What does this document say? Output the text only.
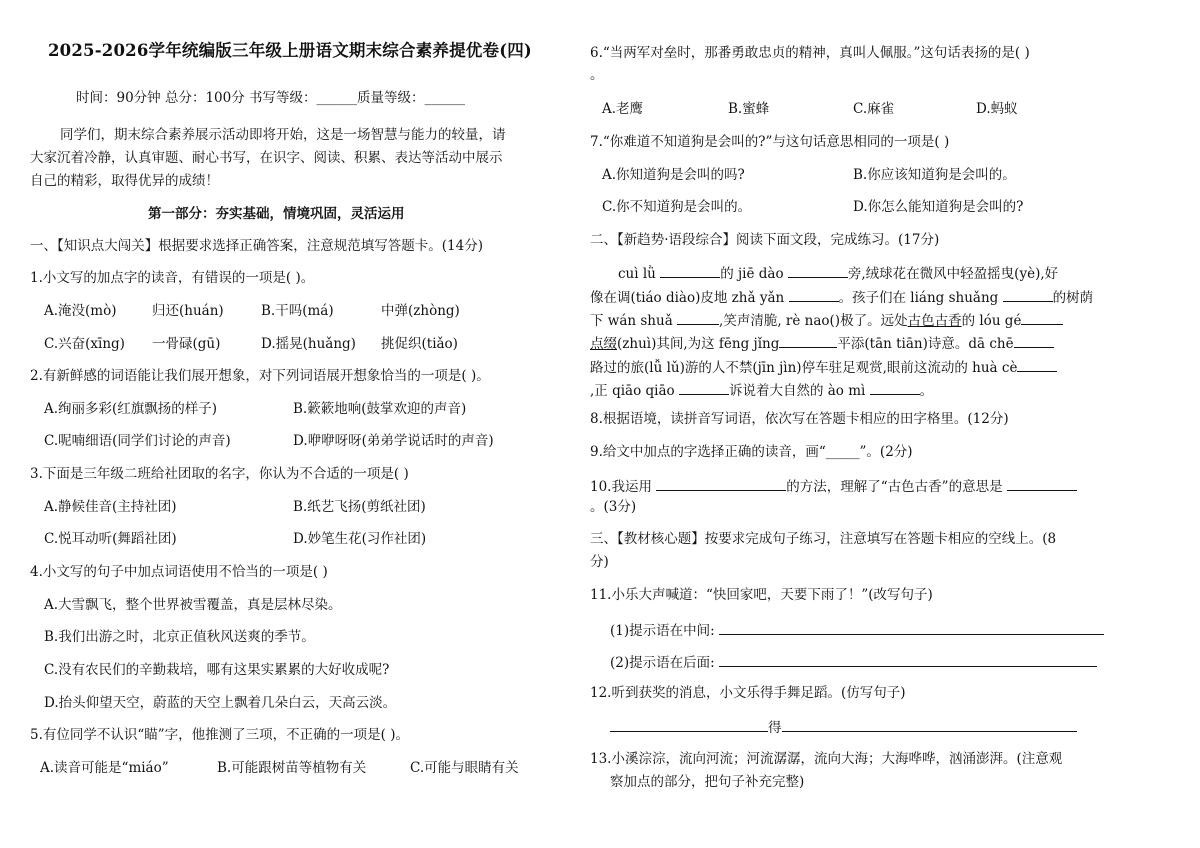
2025-2026学年统编版三年级上册语文期末综合素养提优卷(四)
时间：90分钟 总分：100分 书写等级：______质量等级：______
同学们，期末综合素养展示活动即将开始，这是一场智慧与能力的较量，请
大家沉着冷静，认真审题、耐心书写，在识字、阅读、积累、表达等活动中展示
自己的精彩，取得优异的成绩！
第一部分：夯实基础，情境巩固，灵活运用
一、【知识点大闯关】根据要求选择正确答案，注意规范填写答题卡。(14分)
1.小文写的加点字的读音，有错误的一项是( )。
A.淹没(mò)	归还(huán)	B.干吗(má)	中弹(zhòng)
C.兴奋(xīng) 一骨碌(gū)	D.摇晃(huǎng) 挑促织(tiǎo)
2.有新鲜感的词语能让我们展开想象，对下列词语展开想象恰当的一项是( )。
A.绚丽多彩(红旗飘扬的样子)	B.簌簌地响(鼓掌欢迎的声音)
C.呢喃细语(同学们讨论的声音)	D.咿咿呀呀(弟弟学说话时的声音)
3.下面是三年级二班给社团取的名字，你认为不合适的一项是( )
A.静候佳音(主持社团)	B.纸艺飞扬(剪纸社团)
C.悦耳动听(舞蹈社团)	D.妙笔生花(习作社团)
4.小文写的句子中加点词语使用不恰当的一项是( )
A.大雪飘飞，整个世界被雪覆盖，真是层林尽染。
B.我们出游之时，北京正值秋风送爽的季节。
C.没有农民们的辛勤栽培，哪有这果实累累的大好收成呢?
D.抬头仰望天空，蔚蓝的天空上飘着几朵白云，天高云淡。
5.有位同学不认识“瞄”字，他推测了三项，不正确的一项是( )。
A.读音可能是“miáo”	B.可能跟树苗等植物有关	C.可能与眼睛有关
6.“当两军对垒时，那番勇敢忠贞的精神，真叫人佩服。”这句话表扬的是( )
。
A.老鹰	B.蜜蜂	C.麻雀	D.蚂蚁
7.“你难道不知道狗是会叫的?”与这句话意思相同的一项是( )
A.你知道狗是会叫的吗?	B.你应该知道狗是会叫的。
C.你不知道狗是会叫的。	D.你怎么能知道狗是会叫的?
二、【新趋势·语段综合】阅读下面文段，完成练习。(17分)
cuì lǜ	的 jiē dào	旁,绒球花在微风中轻盈摇曳(yè),好
像在调(tiáo diào)皮地 zhǎ yǎn	。孩子们在 liáng shuǎng	的树荫
下 wán shuǎ	,笑声清脆, rè nao()极了。远处古色古香的 lóu gé
点缀(zhuì)其间,为这 fēng jǐng	平添(tān tiān)诗意。dā chē
路过的旅(lǚ lǔ)游的人不禁(jīn jìn)停车驻足观赏,眼前这流动的 huà cè
,正 qiāo qiāo	诉说着大自然的 ào mì	。
8.根据语境，读拼音写词语，依次写在答题卡相应的田字格里。(12分)
9.给文中加点的字选择正确的读音，画“_____”。(2分)
10.我运用	的方法，理解了“古色古香”的意思是
。(3分)
三、【教材核心题】按要求完成句子练习，注意填写在答题卡相应的空线上。(8
分)
11.小乐大声喊道：“快回家吧，天要下雨了！”(改写句子)
(1)提示语在中间:
(2)提示语在后面:
12.听到获奖的消息，小文乐得手舞足蹈。(仿写句子)
得
13.小溪淙淙，流向河流；河流潺潺，流向大海；大海哗哗，汹涌澎湃。(注意观
察加点的部分，把句子补充完整)
